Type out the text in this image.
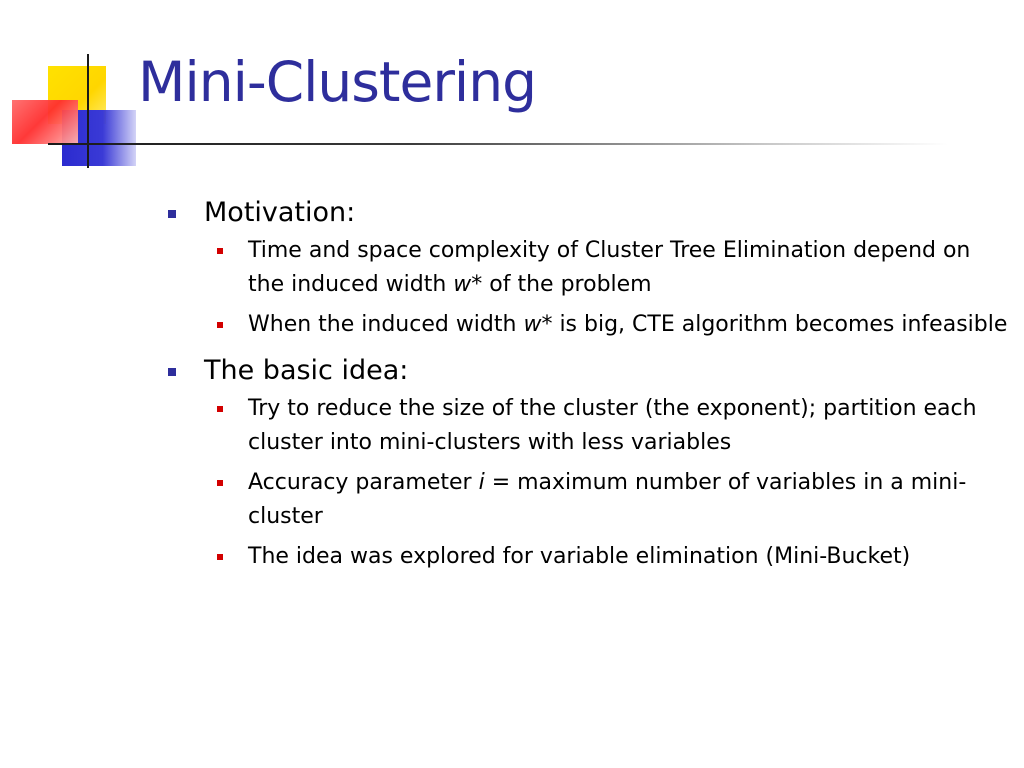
Mini-Clustering
Motivation:
Time and space complexity of Cluster Tree Elimination depend on the induced width w* of the problem
When the induced width w* is big, CTE algorithm becomes infeasible
The basic idea:
Try to reduce the size of the cluster (the exponent); partition each cluster into mini-clusters with less variables
Accuracy parameter i = maximum number of variables in a mini-cluster
The idea was explored for variable elimination (Mini-Bucket)
